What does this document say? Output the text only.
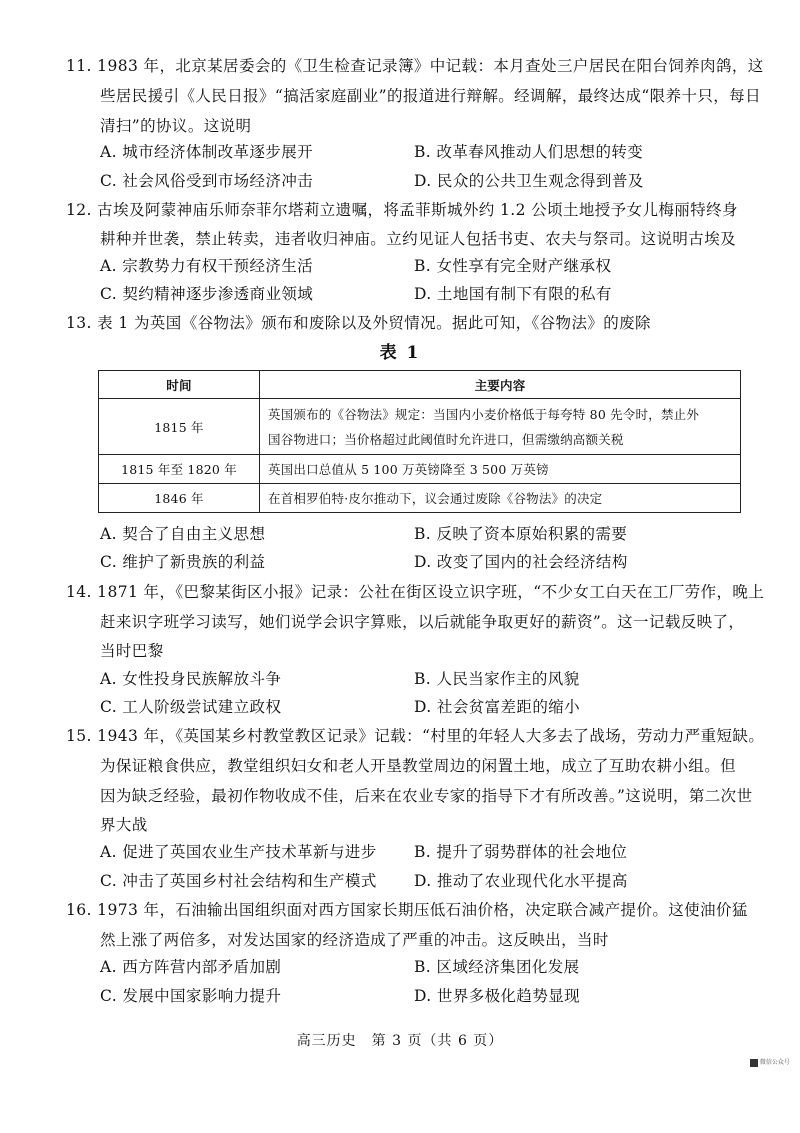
11. 1983 年，北京某居委会的《卫生检查记录簿》中记载：本月查处三户居民在阳台饲养肉鸽，这
些居民援引《人民日报》“搞活家庭副业”的报道进行辩解。经调解，最终达成“限养十只，每日
清扫”的协议。这说明
A. 城市经济体制改革逐步展开	B. 改革春风推动人们思想的转变
C. 社会风俗受到市场经济冲击	D. 民众的公共卫生观念得到普及
12. 古埃及阿蒙神庙乐师奈菲尔塔莉立遗嘱，将孟菲斯城外约 1.2 公顷土地授予女儿梅丽特终身
耕种并世袭，禁止转卖，违者收归神庙。立约见证人包括书吏、农夫与祭司。这说明古埃及
A. 宗教势力有权干预经济生活	B. 女性享有完全财产继承权
C. 契约精神逐步渗透商业领域	D. 土地国有制下有限的私有
13. 表 1 为英国《谷物法》颁布和废除以及外贸情况。据此可知，《谷物法》的废除
表 1
时间	主要内容
1815 年	英国颁布的《谷物法》规定：当国内小麦价格低于每夸特 80 先令时，禁止外
国谷物进口；当价格超过此阈值时允许进口，但需缴纳高额关税

1815 年至 1820 年	英国出口总值从 5 100 万英镑降至 3 500 万英镑

1846 年	在首相罗伯特·皮尔推动下，议会通过废除《谷物法》的决定
A. 契合了自由主义思想	B. 反映了资本原始积累的需要
C. 维护了新贵族的利益	D. 改变了国内的社会经济结构
14. 1871 年，《巴黎某街区小报》记录：公社在街区设立识字班，“不少女工白天在工厂劳作，晚上
赶来识字班学习读写，她们说学会识字算账，以后就能争取更好的薪资”。这一记载反映了，
当时巴黎
A. 女性投身民族解放斗争	B. 人民当家作主的风貌
C. 工人阶级尝试建立政权	D. 社会贫富差距的缩小
15. 1943 年，《英国某乡村教堂教区记录》记载：“村里的年轻人大多去了战场，劳动力严重短缺。
为保证粮食供应，教堂组织妇女和老人开垦教堂周边的闲置土地，成立了互助农耕小组。但
因为缺乏经验，最初作物收成不佳，后来在农业专家的指导下才有所改善。”这说明，第二次世
界大战
A. 促进了英国农业生产技术革新与进步 B. 提升了弱势群体的社会地位
C. 冲击了英国乡村社会结构和生产模式 D. 推动了农业现代化水平提高
16. 1973 年，石油输出国组织面对西方国家长期压低石油价格，决定联合减产提价。这使油价猛
然上涨了两倍多，对发达国家的经济造成了严重的冲击。这反映出，当时
A. 西方阵营内部矛盾加剧	B. 区域经济集团化发展
C. 发展中国家影响力提升	D. 世界多极化趋势显现
高三历史　第 3 页（共 6 页）
微信公众号
